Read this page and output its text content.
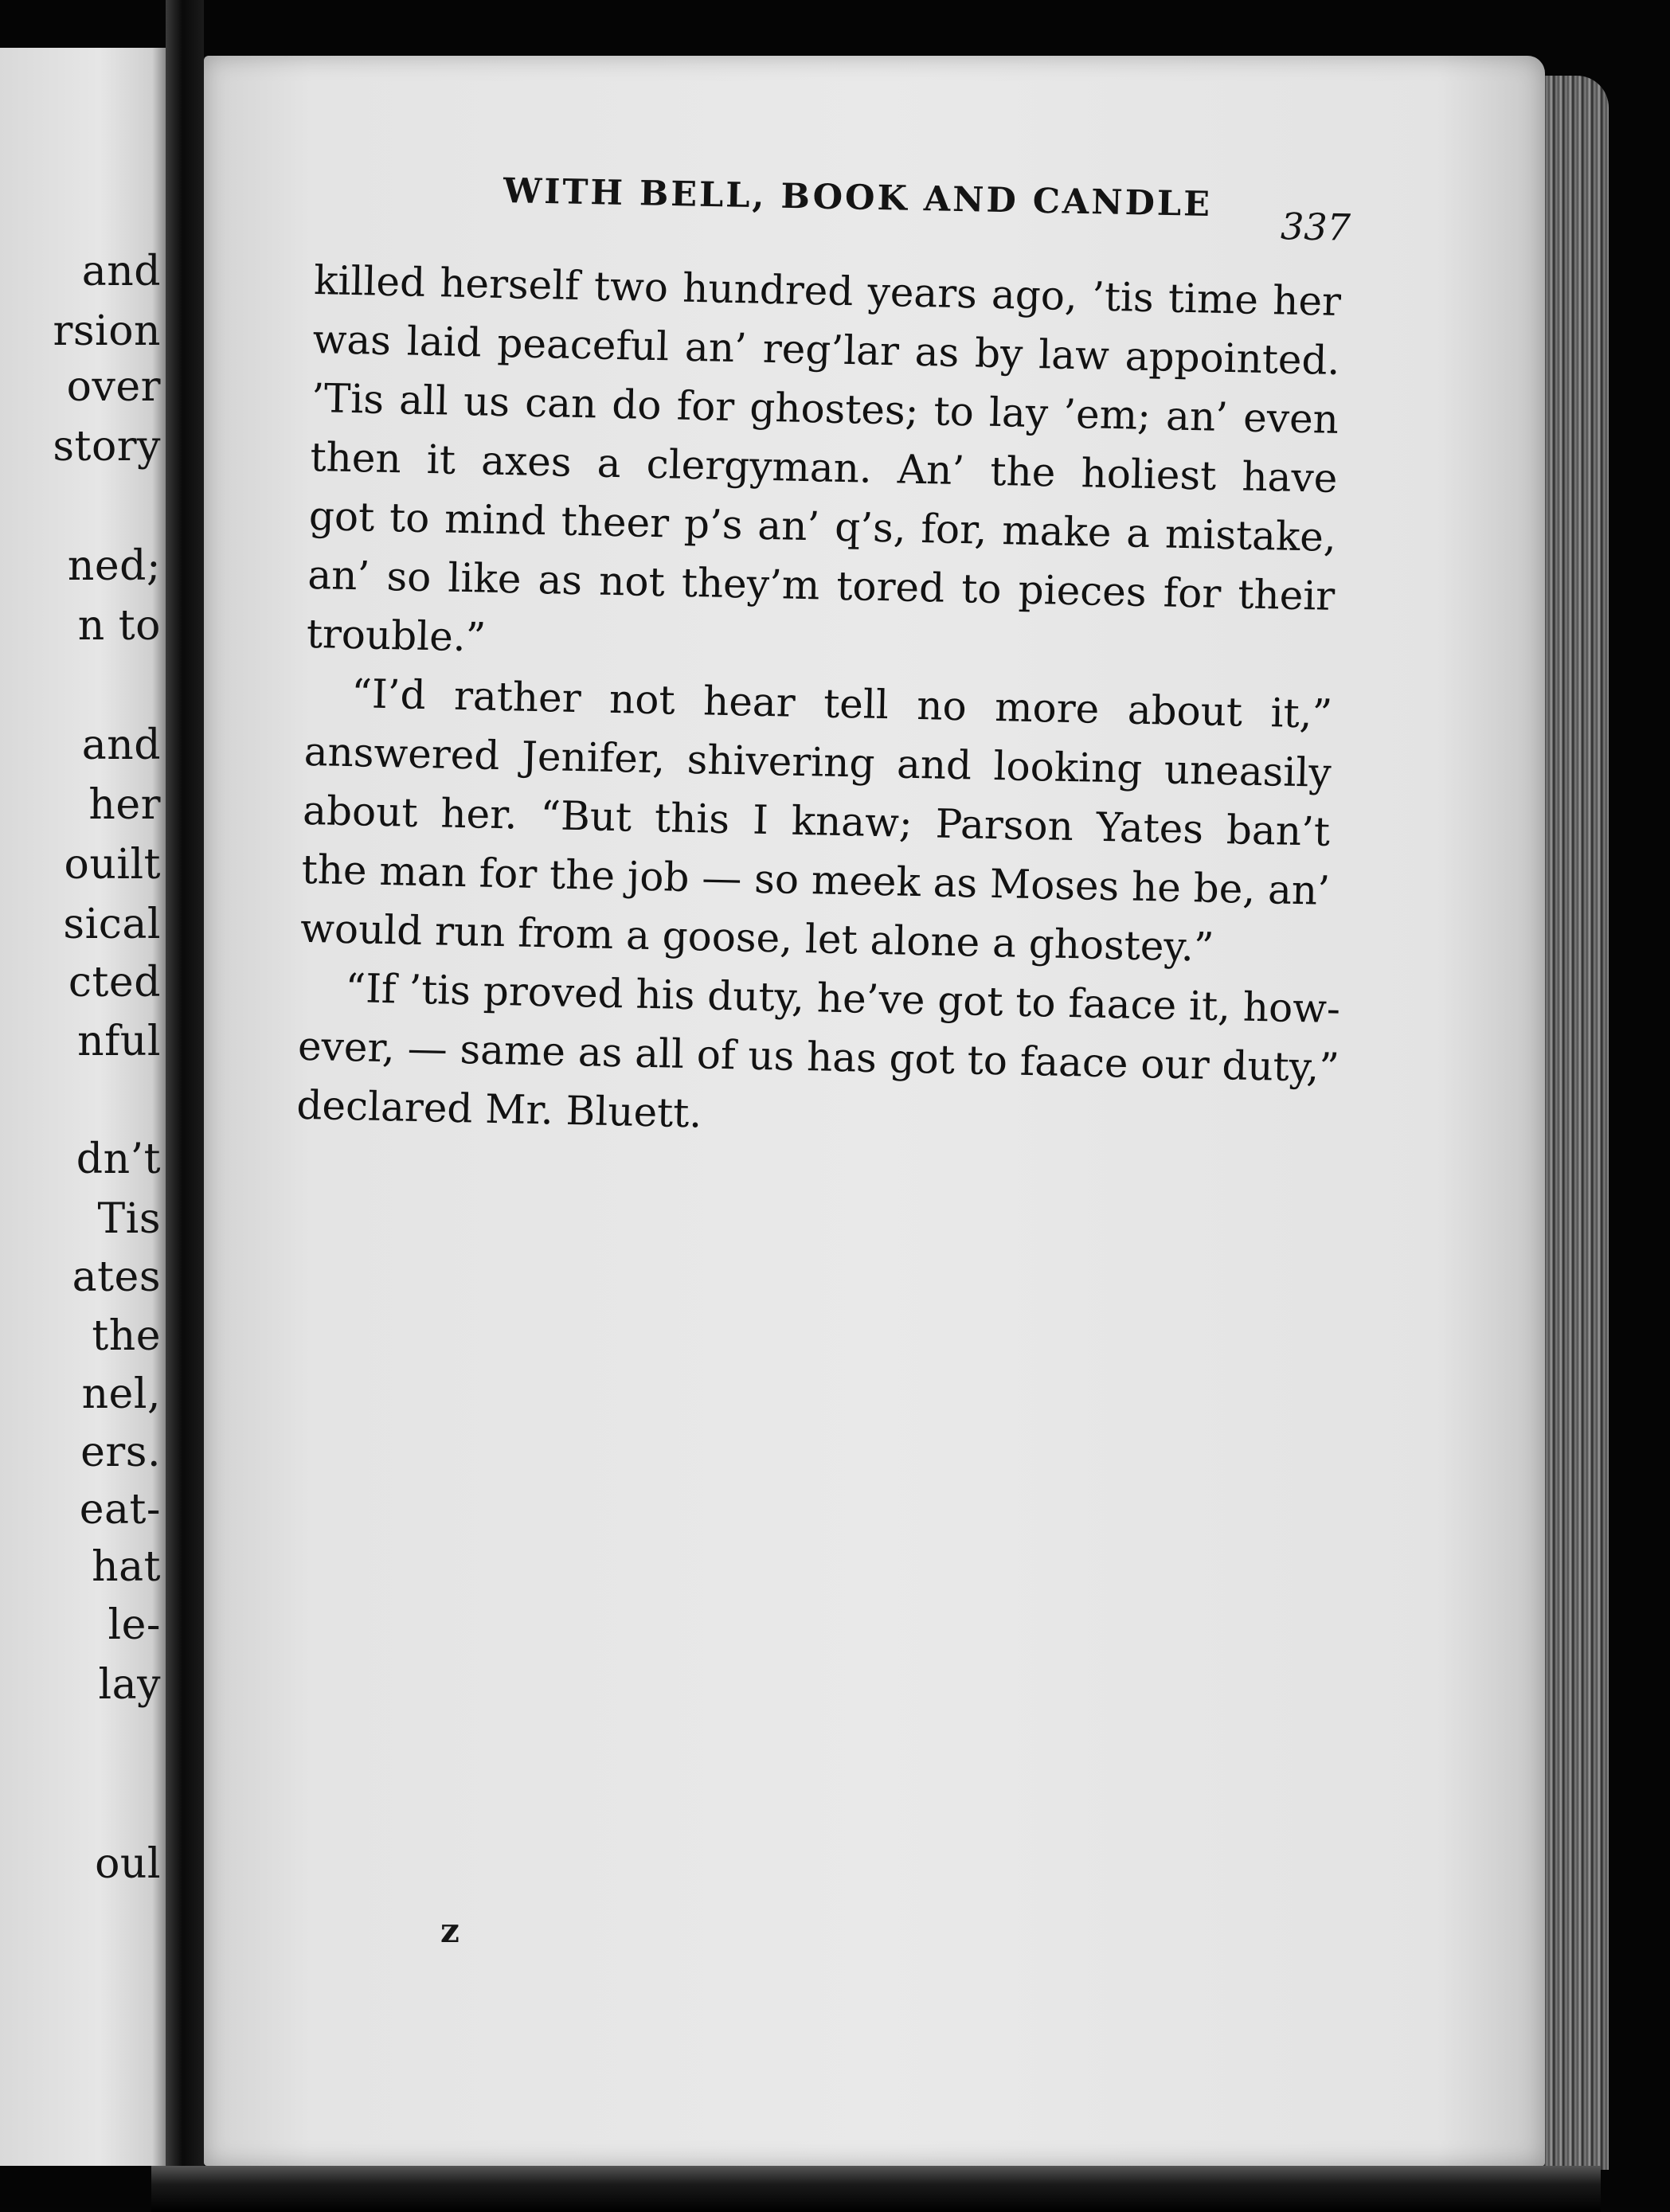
and
rsion
over
story
ned;
n to
and
her
ouilt
sical
cted
nful
dn’t
Tis
ates
the
nel,
ers.
eat-
hat
le-
lay
oul
WITH BELL, BOOK AND CANDLE
337
killed herself two hundred years ago, ’tis time her
was laid peaceful an’ reg’lar as by law appointed.
’Tis all us can do for ghostes; to lay ’em; an’ even
then it axes a clergyman. An’ the holiest have
got to mind theer p’s an’ q’s, for, make a mistake,
an’ so like as not they’m tored to pieces for their
trouble.”
“I’d rather not hear tell no more about it,”
answered Jenifer, shivering and looking uneasily
about her. “But this I knaw; Parson Yates ban’t
the man for the job — so meek as Moses he be, an’
would run from a goose, let alone a ghostey.”
“If ’tis proved his duty, he’ve got to faace it, how-
ever, — same as all of us has got to faace our duty,”
declared Mr. Bluett.
z
